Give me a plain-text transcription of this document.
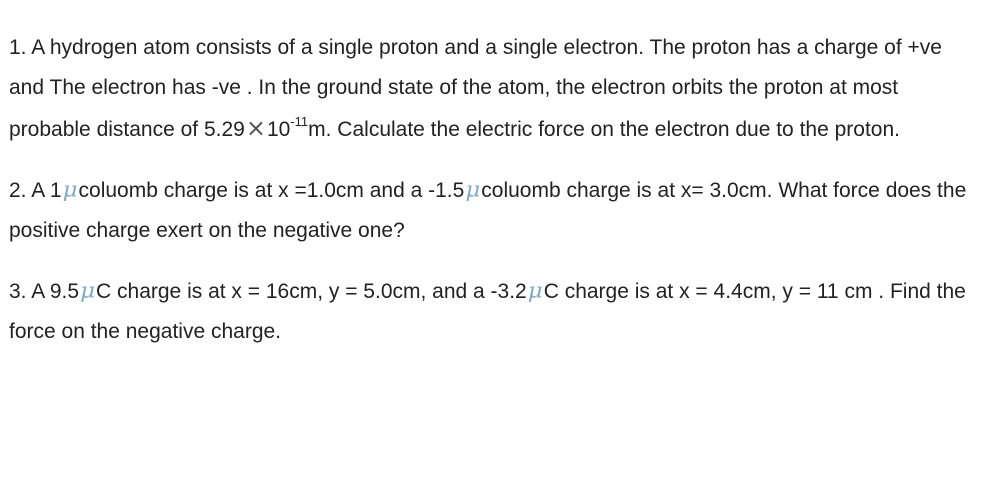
1. A hydrogen atom consists of a single proton and a single electron. The proton has a charge of +ve and The electron has -ve . In the ground state of the atom, the electron orbits the proton at most probable distance of $5.29\times 10^{-11}m$. Calculate the electric force on the electron due to the proton.

2. A 1μcoluomb charge is at x =1.0cm and a -1.5μcoluomb charge is at x= 3.0cm. What force does the positive charge exert on the negative one?

3. A 9.5μC charge is at x = 16cm, y = 5.0cm, and a -3.2μC charge is at x = 4.4cm, y = 11 cm . Find the force on the negative charge.
